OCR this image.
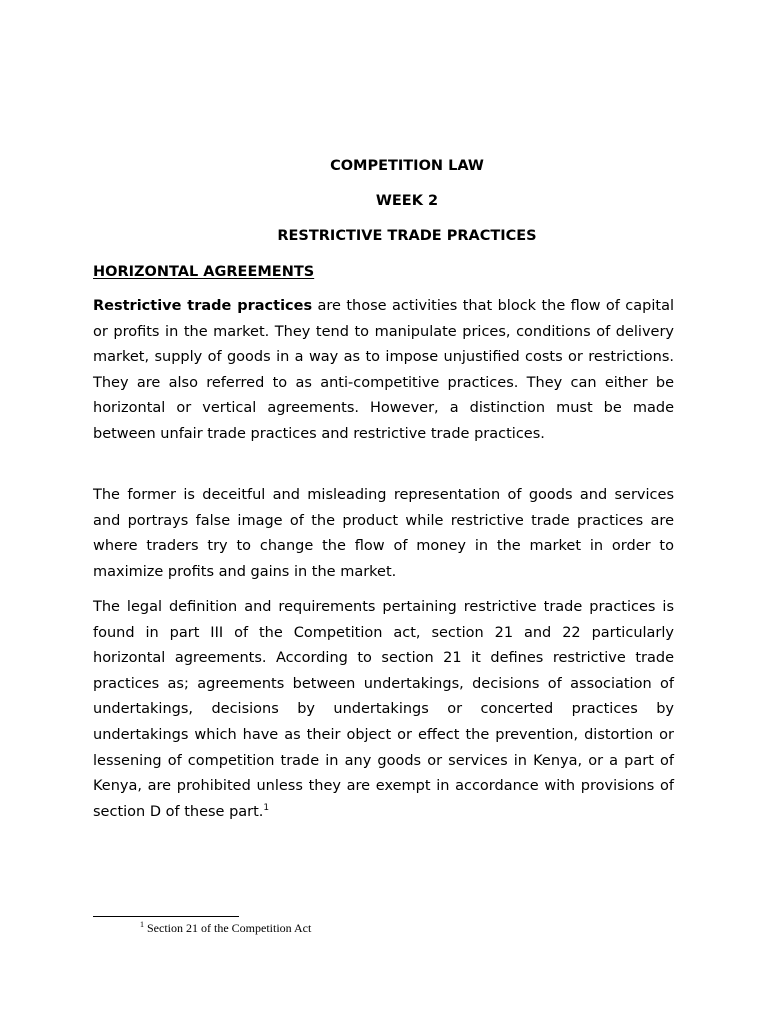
COMPETITION LAW
WEEK 2
RESTRICTIVE TRADE PRACTICES
HORIZONTAL AGREEMENTS

Restrictive trade practices are those activities that block the flow of capital or profits in the market. They tend to manipulate prices, conditions of delivery market, supply of goods in a way as to impose unjustified costs or restrictions. They are also referred to as anti-competitive practices. They can either be horizontal or vertical agreements. However, a distinction must be made between unfair trade practices and restrictive trade practices.

The former is deceitful and misleading representation of goods and services and portrays false image of the product while restrictive trade practices are where traders try to change the flow of money in the market in order to maximize profits and gains in the market.

The legal definition and requirements pertaining restrictive trade practices is found in part III of the Competition act, section 21 and 22 particularly horizontal agreements. According to section 21 it defines restrictive trade practices as; agreements between undertakings, decisions of association of undertakings, decisions by undertakings or concerted practices by undertakings which have as their object or effect the prevention, distortion or lessening of competition trade in any goods or services in Kenya, or a part of Kenya, are prohibited unless they are exempt in accordance with provisions of section D of these part.$^1$

$^1$ Section 21 of the Competition Act
